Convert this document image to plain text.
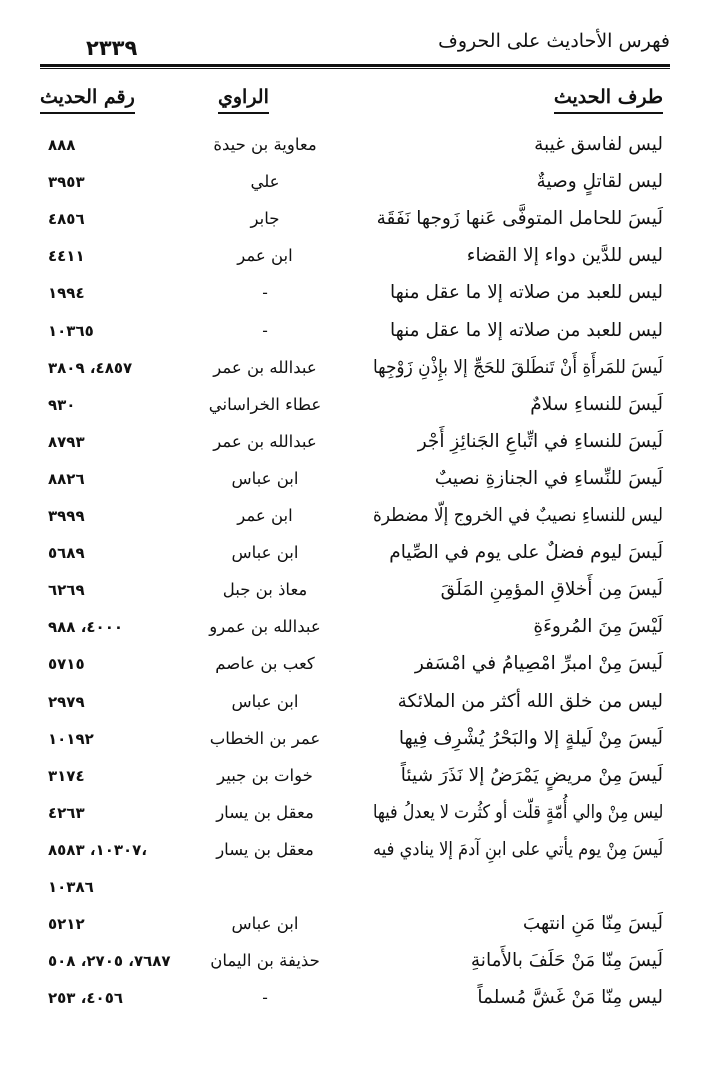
فهرس الأحاديث على الحروف
٢٣٣٩
طرف الحديث
الراوي
رقم الحديث
ليس لفاسق غيبة
معاوية بن حيدة
٨٨٨
ليس لقاتلٍ وصيةٌ
علي
٣٩٥٣
لَيسَ للحامل المتوفَّى عَنها زَوجها نَفَقَة
جابر
٤٨٥٦
ليس للدَّين دواء إلا القضاء
ابن عمر
٤٤١١
ليس للعبد من صلاته إلا ما عقل منها
-
١٩٩٤
ليس للعبد من صلاته إلا ما عقل منها
-
١٠٣٦٥
لَيسَ للمَرأَةِ أَنْ تَنطَلقَ للحَجِّ إلا بإِذْنِ زَوْجِها
عبدالله بن عمر
٤٨٥٧، ٣٨٠٩
لَيسَ للنساءِ سلامٌ
عطاء الخراساني
٩٣٠
لَيسَ للنساءِ في اتِّباعِ الجَنائِزِ أَجْر
عبدالله بن عمر
٨٧٩٣
لَيسَ للنِّساءِ في الجنازةِ نصيبٌ
ابن عباس
٨٨٢٦
ليس للنساءِ نصيبٌ في الخروج إلّا مضطرة
ابن عمر
٣٩٩٩
لَيسَ ليوم فضلٌ على يوم في الصِّيام
ابن عباس
٥٦٨٩
لَيسَ مِن أَخلاقِ المؤمِنِ المَلَقَ
معاذ بن جبل
٦٢٦٩
لَيْسَ مِنَ المُروءَةِ
عبدالله بن عمرو
٤٠٠٠، ٩٨٨
لَيسَ مِنْ امبرِّ امْصِيامُ في امْسَفر
كعب بن عاصم
٥٧١٥
ليس من خلق الله أكثر من الملائكة
ابن عباس
٢٩٧٩
لَيسَ مِنْ لَيلةٍ إلا والبَحْرُ يُشْرِف فِيها
عمر بن الخطاب
١٠١٩٢
لَيسَ مِنْ مريضٍ يَمْرَضُ إلا نَذَرَ شيئاً
خوات بن جبير
٣١٧٤
ليس مِنْ والي أُمّةٍ قلّت أو كثُرت لا يعدلُ فيها
معقل بن يسار
٤٢٦٣
لَيسَ مِنْ يوم يأتي على ابنِ آدمَ إلا ينادي فيه
معقل بن يسار
،١٠٣٠٧، ٨٥٨٣
١٠٣٨٦
لَيسَ مِنّا مَنِ انتهبَ
ابن عباس
٥٢١٢
لَيسَ مِنّا مَنْ حَلَفَ بالأَمانةِ
حذيفة بن اليمان
٧٦٨٧، ٢٧٠٥، ٥٠٨
ليس مِنّا مَنْ غَشَّ مُسلماً
-
٤٠٥٦، ٢٥٣
